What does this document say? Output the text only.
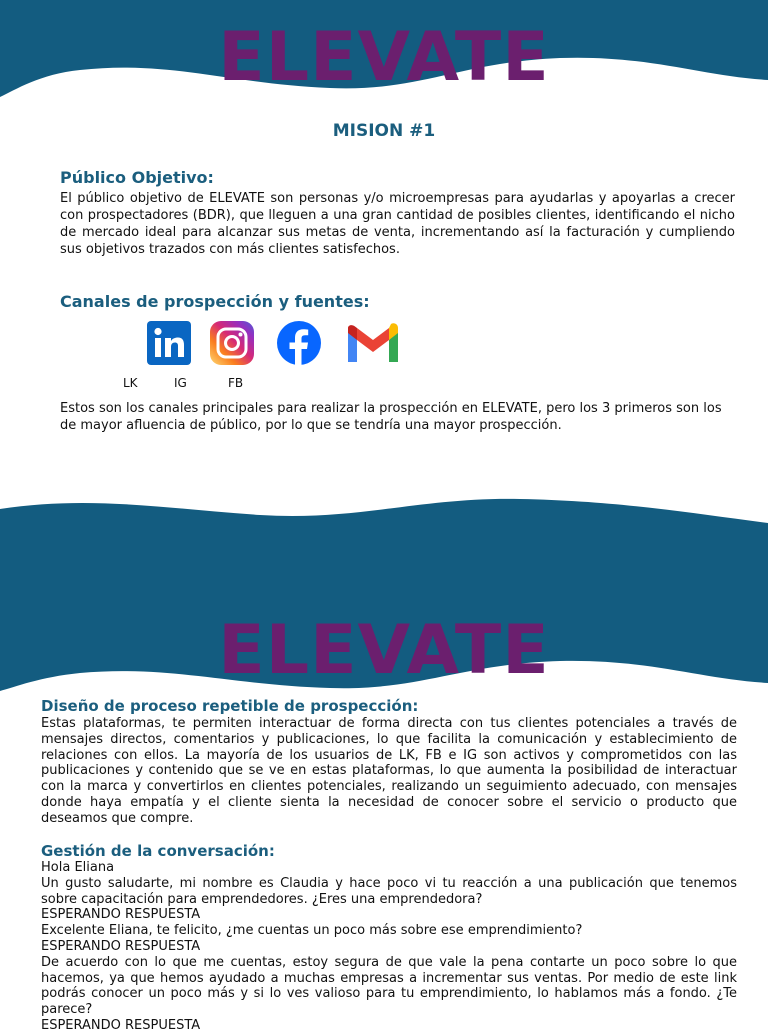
ELEVATE
MISION #1
Público Objetivo:

El público objetivo de ELEVATE son personas y/o microempresas para ayudarlas y apoyarlas a crecer con prospectadores (BDR), que lleguen a una gran cantidad de posibles clientes, identificando el nicho de mercado ideal para alcanzar sus metas de venta, incrementando así la facturación y cumpliendo sus objetivos trazados con más clientes satisfechos.

Canales de prospección y fuentes:

LK	IG	FB

Estos son los canales principales para realizar la prospección en ELEVATE, pero los 3 primeros son los de mayor afluencia de público, por lo que se tendría una mayor prospección.

ELEVATE
Diseño de proceso repetible de prospección:

Estas plataformas, te permiten interactuar de forma directa con tus clientes potenciales a través de mensajes directos, comentarios y publicaciones, lo que facilita la comunicación y establecimiento de relaciones con ellos. La mayoría de los usuarios de LK, FB e IG son activos y comprometidos con las publicaciones y contenido que se ve en estas plataformas, lo que aumenta la posibilidad de interactuar con la marca y convertirlos en clientes potenciales, realizando un seguimiento adecuado, con mensajes donde haya empatía y el cliente sienta la necesidad de conocer sobre el servicio o producto que deseamos que compre.

Gestión de la conversación:
Hola Eliana
Un gusto saludarte, mi nombre es Claudia y hace poco vi tu reacción a una publicación que tenemos sobre capacitación para emprendedores. ¿Eres una emprendedora?
ESPERANDO RESPUESTA
Excelente Eliana, te felicito, ¿me cuentas un poco más sobre ese emprendimiento?
ESPERANDO RESPUESTA
De acuerdo con lo que me cuentas, estoy segura de que vale la pena contarte un poco sobre lo que hacemos, ya que hemos ayudado a muchas empresas a incrementar sus ventas. Por medio de este link podrás conocer un poco más y si lo ves valioso para tu emprendimiento, lo hablamos más a fondo. ¿Te parece?
ESPERANDO RESPUESTA
